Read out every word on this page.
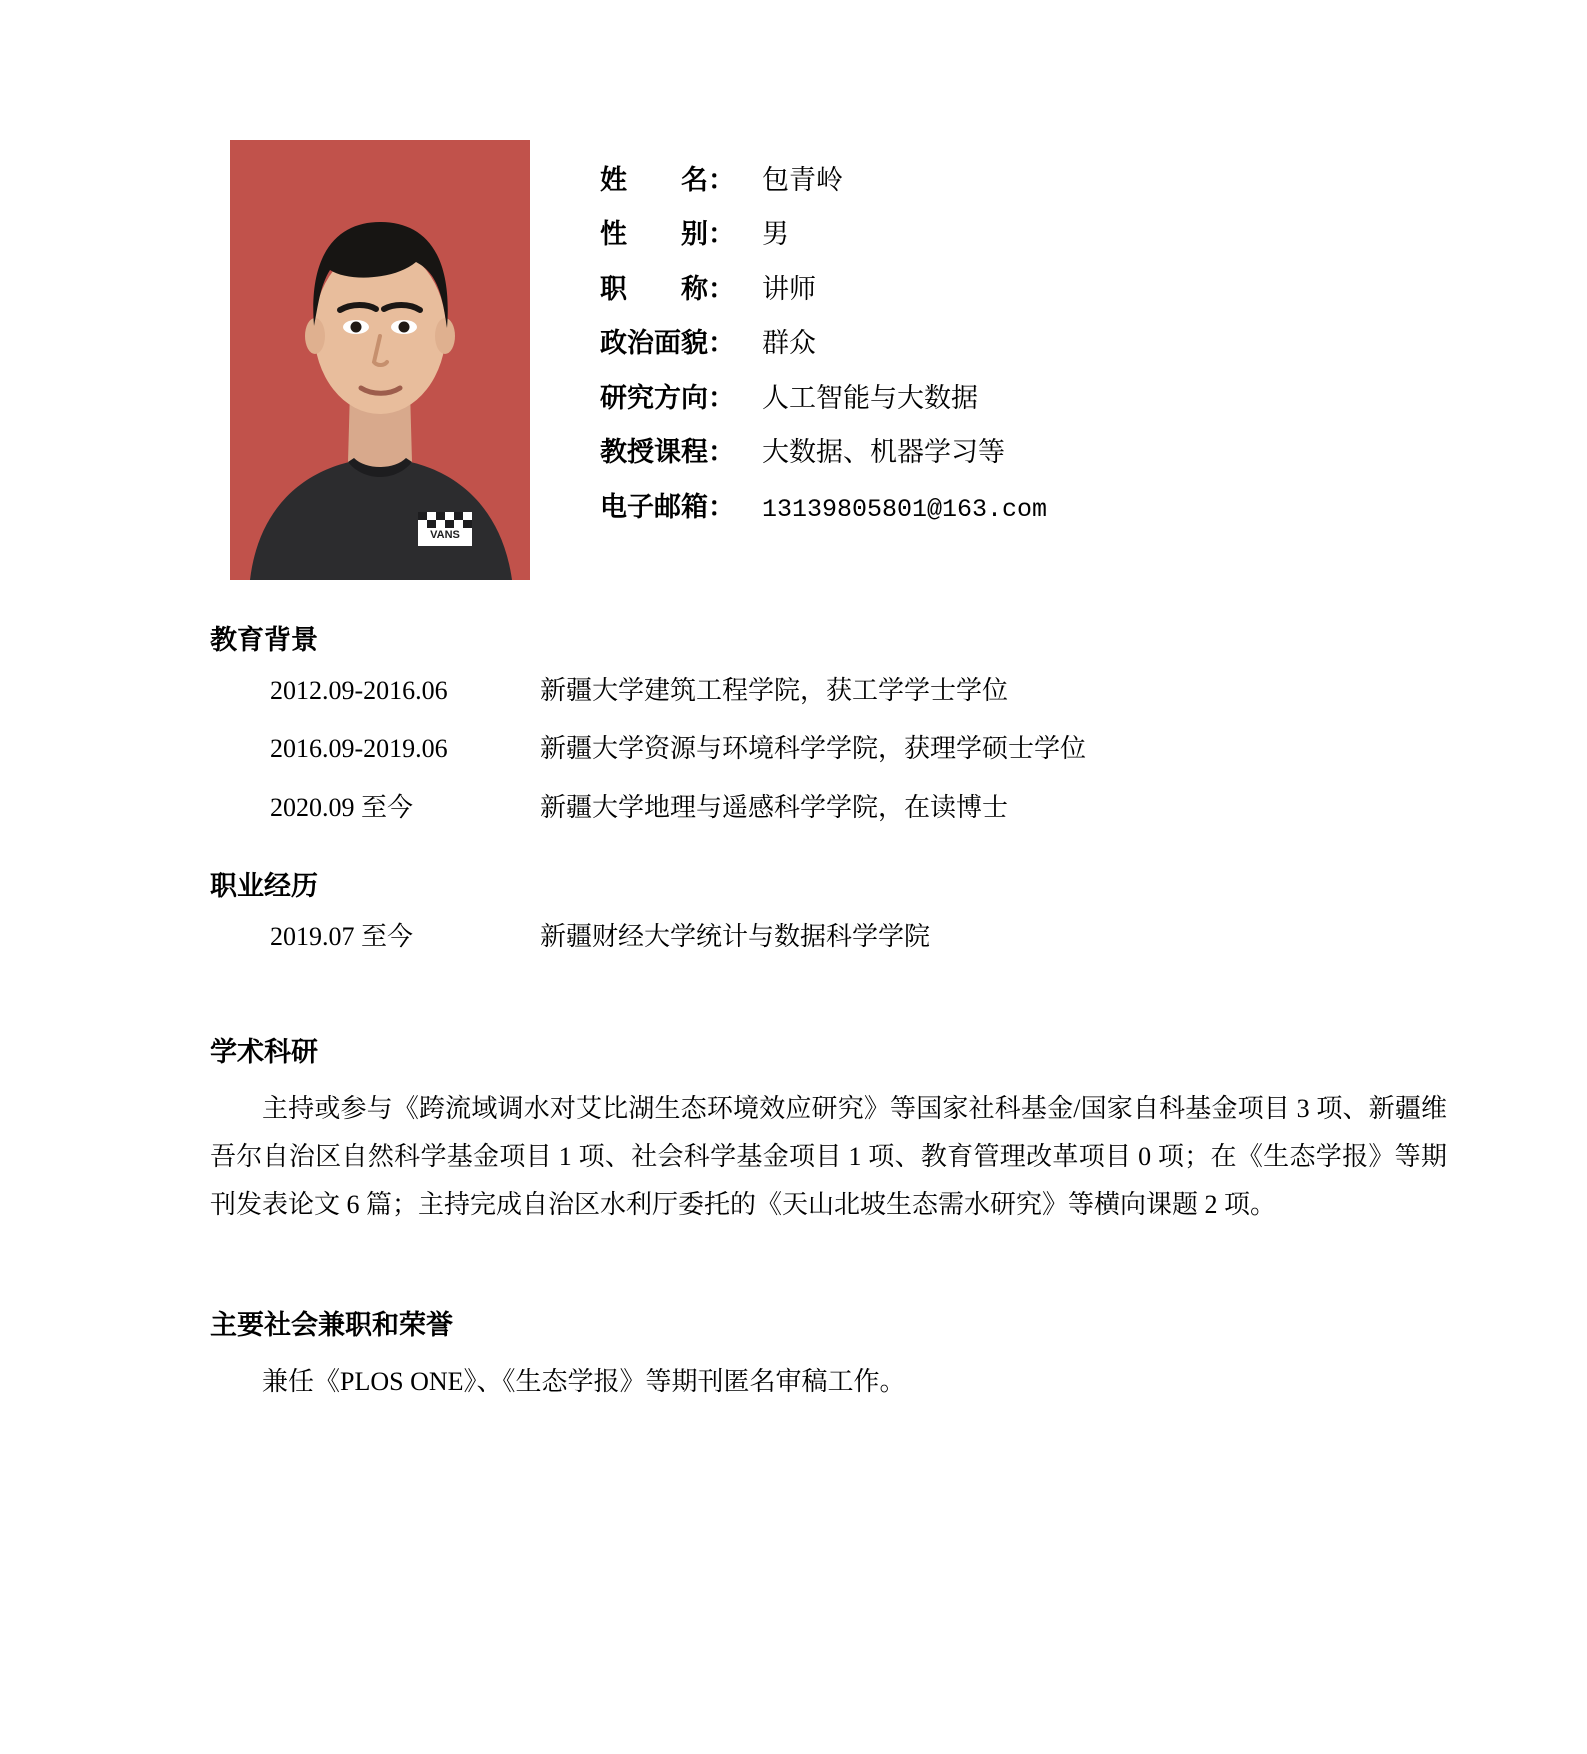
VANS
姓　　名：	包青岭
性　　别：	男
职　　称：	讲师
政治面貌：	群众
研究方向：	人工智能与大数据
教授课程：	大数据、机器学习等
电子邮箱：	13139805801@163.com
教育背景
2012.09-2016.06	新疆大学建筑工程学院，获工学学士学位
2016.09-2019.06	新疆大学资源与环境科学学院，获理学硕士学位
2020.09 至今	新疆大学地理与遥感科学学院，在读博士
职业经历
2019.07 至今	新疆财经大学统计与数据科学学院
学术科研
主持或参与《跨流域调水对艾比湖生态环境效应研究》等国家社科基金/国家自科基金项目 3 项、新疆维吾尔自治区自然科学基金项目 1 项、社会科学基金项目 1 项、教育管理改革项目 0 项；在《生态学报》等期刊发表论文 6 篇；主持完成自治区水利厅委托的《天山北坡生态需水研究》等横向课题 2 项。
主要社会兼职和荣誉
兼任《PLOS ONE》、《生态学报》等期刊匿名审稿工作。
